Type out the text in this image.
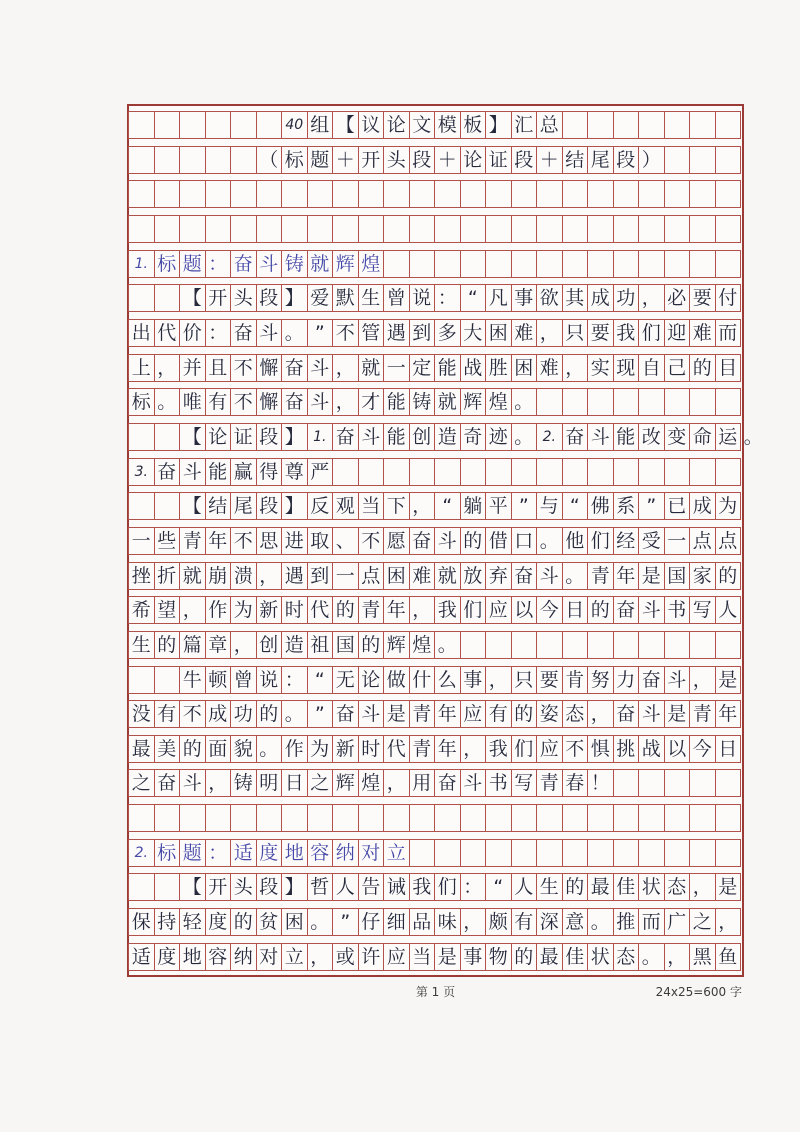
40 组 【 议 论 文 模 板 】 汇 总
（ 标 题 ＋ 开 头 段 ＋ 论 证 段 ＋ 结 尾 段 ）
1. 标 题 ： 奋 斗 铸 就 辉 煌
【 开 头 段 】 爱 默 生 曾 说 ： “ 凡 事 欲 其 成 功 ， 必 要 付
出 代 价 ： 奋 斗 。 ” 不 管 遇 到 多 大 困 难 ， 只 要 我 们 迎 难 而
上 ， 并 且 不 懈 奋 斗 ， 就 一 定 能 战 胜 困 难 ， 实 现 自 己 的 目
标 。 唯 有 不 懈 奋 斗 ， 才 能 铸 就 辉 煌 。
【 论 证 段 】 1. 奋 斗 能 创 造 奇 迹 。 2. 奋 斗 能 改 变 命 运 。
3. 奋 斗 能 赢 得 尊 严
【 结 尾 段 】 反 观 当 下 ， “ 躺 平 ” 与 “ 佛 系 ” 已 成 为
一 些 青 年 不 思 进 取 、 不 愿 奋 斗 的 借 口 。 他 们 经 受 一 点 点
挫 折 就 崩 溃 ， 遇 到 一 点 困 难 就 放 弃 奋 斗 。 青 年 是 国 家 的
希 望 ， 作 为 新 时 代 的 青 年 ， 我 们 应 以 今 日 的 奋 斗 书 写 人
生 的 篇 章 ， 创 造 祖 国 的 辉 煌 。
牛 顿 曾 说 ： “ 无 论 做 什 么 事 ， 只 要 肯 努 力 奋 斗 ， 是
没 有 不 成 功 的 。 ” 奋 斗 是 青 年 应 有 的 姿 态 ， 奋 斗 是 青 年
最 美 的 面 貌 。 作 为 新 时 代 青 年 ， 我 们 应 不 惧 挑 战 以 今 日
之 奋 斗 ， 铸 明 日 之 辉 煌 ， 用 奋 斗 书 写 青 春 ！
2. 标 题 ： 适 度 地 容 纳 对 立
【 开 头 段 】 哲 人 告 诫 我 们 ： “ 人 生 的 最 佳 状 态 ， 是
保 持 轻 度 的 贫 困 。 ” 仔 细 品 味 ， 颇 有 深 意 。 推 而 广 之 ，
适 度 地 容 纳 对 立 ， 或 许 应 当 是 事 物 的 最 佳 状 态 。 ， 黑 鱼
第 1 页	24x25=600 字
